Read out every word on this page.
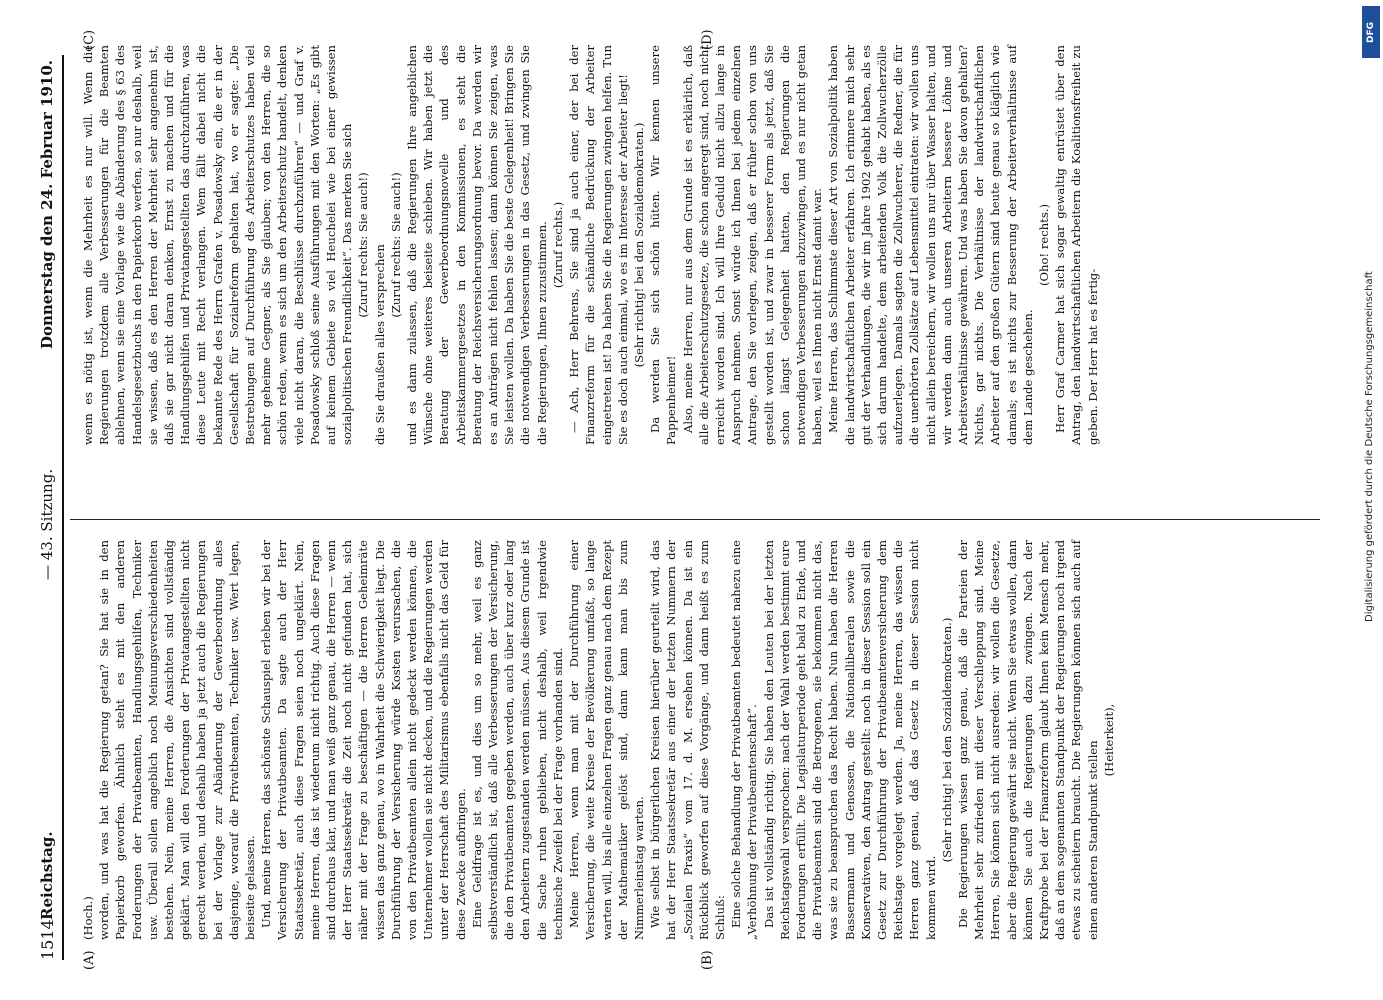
1514
Reichstag.
— 43. Sitzung.
Donnerstag den 24. Februar 1910.
(A)	(B)
(C)	(D)

(Hoch.) worden, und was hat die Regierung getan? Sie hat sie in den Papierkorb geworfen. Ähnlich steht es mit den anderen Forderungen der Privatbeamten, Handlungsgehilfen, Techniker usw. Überall sollen angeblich noch Meinungsverschiedenheiten bestehen. Nein, meine Herren, die Ansichten sind vollständig geklärt. Man will den Forderungen der Privatangestellten nicht gerecht werden, und deshalb haben ja jetzt auch die Regierungen bei der Vorlage zur Abänderung der Gewerbeordnung alles dasjenige, worauf die Privatbeamten, Techniker usw. Wert legen, beiseite gelassen. Und, meine Herren, das schönste Schauspiel erleben wir bei der Versicherung der Privatbeamten. Da sagte auch der Herr Staatssekretär, auch diese Fragen seien noch ungeklärt. Nein, meine Herren, das ist wiederum nicht richtig. Auch diese Fragen sind durchaus klar, und man weiß ganz genau, die Herren — wenn der Herr Staatssekretär die Zeit noch nicht gefunden hat, sich näher mit der Frage zu beschäftigen — die Herren Geheimräte wissen das ganz genau, wo in Wahrheit die Schwierigkeit liegt. Die Durchführung der Versicherung würde Kosten verursachen, die von den Privatbeamten allein nicht gedeckt werden können, die Unternehmer wollen sie nicht decken, und die Regierungen werden unter der Herrschaft des Militarismus ebenfalls nicht das Geld für diese Zwecke aufbringen. Eine Geldfrage ist es, und dies um so mehr, weil es ganz selbstverständlich ist, daß alle Verbesserungen der Versicherung, die den Privatbeamten gegeben werden, auch über kurz oder lang den Arbeitern zugestanden werden müssen. Aus diesem Grunde ist die Sache ruhen geblieben, nicht deshalb, weil irgendwie technische Zweifel bei der Frage vorhanden sind. Meine Herren, wenn man mit der Durchführung einer Versicherung, die weite Kreise der Bevölkerung umfaßt, so lange warten will, bis alle einzelnen Fragen ganz genau nach dem Rezept der Mathematiker gelöst sind, dann kann man bis zum Nimmerleinstag warten. Wie selbst in bürgerlichen Kreisen hierüber geurteilt wird, das hat der Herr Staatssekretär aus einer der letzten Nummern der „Sozialen Praxis“ vom 17. d. M. ersehen können. Da ist ein Rückblick geworfen auf diese Vorgänge, und dann heißt es zum Schluß: Eine solche Behandlung der Privatbeamten bedeutet nahezu eine „Verhöhnung der Privatbeamtenschaft“. Das ist vollständig richtig. Sie haben den Leuten bei der letzten Reichstagswahl versprochen: nach der Wahl werden bestimmt eure Forderungen erfüllt. Die Legislaturperiode geht bald zu Ende, und die Privatbeamten sind die Betrogenen, sie bekommen nicht das, was sie zu beanspruchen das Recht haben. Nun haben die Herren Bassermann und Genossen, die Nationalliberalen sowie die Konservativen, den Antrag gestellt: noch in dieser Session soll ein Gesetz zur Durchführung der Privatbeamtenversicherung dem Reichstage vorgelegt werden. Ja, meine Herren, das wissen die Herren ganz genau, daß das Gesetz in dieser Session nicht kommen wird.

(Sehr richtig! bei den Sozialdemokraten.) Die Regierungen wissen ganz genau, daß die Parteien der Mehrheit sehr zufrieden mit dieser Verschleppung sind. Meine Herren, Sie können sich nicht ausreden: wir wollen die Gesetze, aber die Regierung gewährt sie nicht. Wenn Sie etwas wollen, dann können Sie auch die Regierungen dazu zwingen. Nach der Kraftprobe bei der Finanzreform glaubt Ihnen kein Mensch mehr, daß an dem sogenannten Standpunkt der Regierungen noch irgend etwas zu scheitern braucht. Die Regierungen können sich auch auf einen anderen Standpunkt stellen

(Heiterkeit),

wenn es nötig ist, wenn die Mehrheit es nur will. Wenn die Regierungen trotzdem alle Verbesserungen für die Beamten ablehnen, wenn sie eine Vorlage wie die Abänderung des § 63 des Handelsgesetzbuchs in den Papierkorb werfen, so nur deshalb, weil sie wissen, daß es den Herren der Mehrheit sehr angenehm ist, daß sie gar nicht daran denken, Ernst zu machen und für die Handlungsgehilfen und Privatangestellten das durchzuführen, was diese Leute mit Recht verlangen. Wem fällt dabei nicht die bekannte Rede des Herrn Grafen v. Posadowsky ein, die er in der Gesellschaft für Sozialreform gehalten hat, wo er sagte: „Die Bestrebungen auf Durchführung des Arbeiterschutzes haben viel mehr geheime Gegner, als Sie glauben; von den Herren, die so schön reden, wenn es sich um den Arbeiterschutz handelt, denken viele nicht daran, die Beschlüsse durchzuführen“ — und Graf v. Posadowsky schloß seine Ausführungen mit den Worten: „Es gibt auf keinem Gebiete so viel Heuchelei wie bei einer gewissen sozialpolitischen Freundlichkeit“. Das merken Sie sich (Zuruf rechts: Sie auch!) die Sie draußen alles versprechen (Zuruf rechts: Sie auch!) und es dann zulassen, daß die Regierungen Ihre angeblichen Wünsche ohne weiteres beiseite schieben. Wir haben jetzt die Beratung der Gewerbeordnungsnovelle und des Arbeitskammergesetzes in den Kommissionen, es steht die Beratung der Reichsversicherungsordnung bevor. Da werden wir es an Anträgen nicht fehlen lassen; dann können Sie zeigen, was Sie leisten wollen. Da haben Sie die beste Gelegenheit! Bringen Sie die notwendigen Verbesserungen in das Gesetz, und zwingen Sie die Regierungen, Ihnen zuzustimmen. (Zuruf rechts.) — Ach, Herr Behrens, Sie sind ja auch einer, der bei der Finanzreform für die schändliche Bedrückung der Arbeiter eingetreten ist! Da haben Sie die Regierungen zwingen helfen. Tun Sie es doch auch einmal, wo es im Interesse der Arbeiter liegt! (Sehr richtig! bei den Sozialdemokraten.) Da werden Sie sich schön hüten. Wir kennen unsere Pappenheimer! Also, meine Herren, nur aus dem Grunde ist es erklärlich, daß alle die Arbeiterschutzgesetze, die schon angeregt sind, noch nicht erreicht worden sind. Ich will Ihre Geduld nicht allzu lange in Anspruch nehmen. Sonst würde ich Ihnen bei jedem einzelnen Antrage, den Sie vorlegen, zeigen, daß er früher schon von uns gestellt worden ist, und zwar in besserer Form als jetzt, daß Sie schon längst Gelegenheit hatten, den Regierungen die notwendigen Verbesserungen abzuzwingen, und es nur nicht getan haben, weil es Ihnen nicht Ernst damit war. Meine Herren, das Schlimmste dieser Art von Sozialpolitik haben die landwirtschaftlichen Arbeiter erfahren. Ich erinnere mich sehr gut der Verhandlungen, die wir im Jahre 1902 gehabt haben, als es sich darum handelte, dem arbeitenden Volk die Zollwucherzölle aufzuerlegen. Damals sagten die Zollwucherer, die Redner, die für die unerhörten Zollsätze auf Lebensmittel eintraten: wir wollen uns nicht allein bereichern, wir wollen uns nur über Wasser halten, und wir werden dann auch unseren Arbeitern bessere Löhne und Arbeitsverhältnisse gewähren. Und was haben Sie davon gehalten? Nichts, gar nichts. Die Verhältnisse der landwirtschaftlichen Arbeiter auf den großen Gütern sind heute genau so kläglich wie damals; es ist nichts zur Besserung der Arbeiterverhältnisse auf dem Lande geschehen.

(Oho! rechts.) Herr Graf Carmer hat sich sogar gewaltig entrüstet über den Antrag, den landwirtschaftlichen Arbeitern die Koalitionsfreiheit zu geben. Der Herr hat es fertig-

DFG
Digitalisierung gefördert durch die Deutsche Forschungsgemeinschaft
